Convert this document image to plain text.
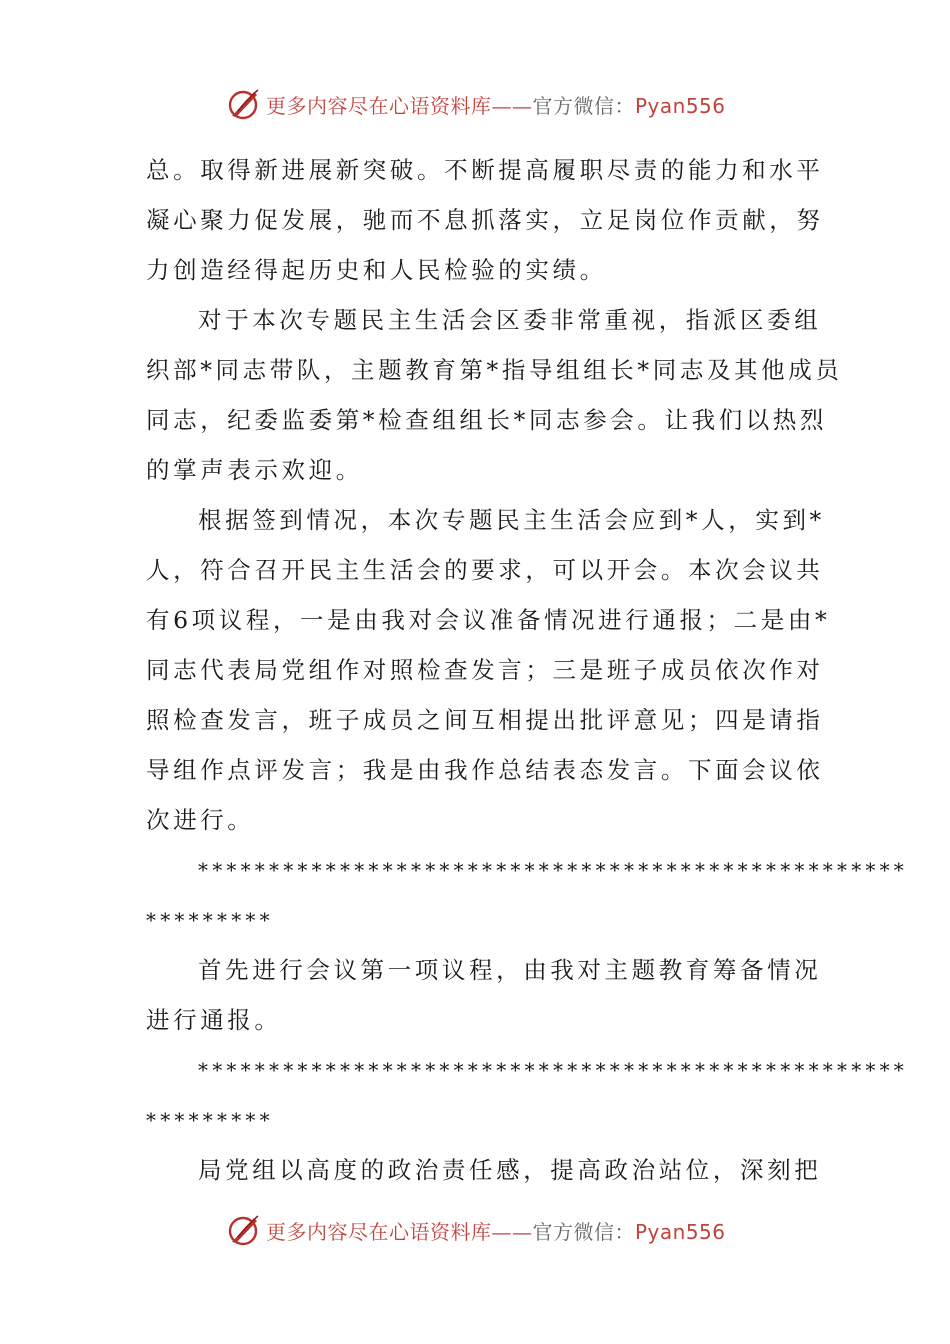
更多内容尽在心语资料库——官方微信：Pyan556
总。取得新进展新突破。不断提高履职尽责的能力和水平
凝心聚力促发展，驰而不息抓落实，立足岗位作贡献，努
力创造经得起历史和人民检验的实绩。
对于本次专题民主生活会区委非常重视，指派区委组
织部*同志带队，主题教育第*指导组组长*同志及其他成员
同志，纪委监委第*检查组组长*同志参会。让我们以热烈
的掌声表示欢迎。
根据签到情况，本次专题民主生活会应到*人，实到*
人，符合召开民主生活会的要求，可以开会。本次会议共
有6项议程，一是由我对会议准备情况进行通报；二是由*
同志代表局党组作对照检查发言；三是班子成员依次作对
照检查发言，班子成员之间互相提出批评意见；四是请指
导组作点评发言；我是由我作总结表态发言。下面会议依
次进行。
**************************************************
*********
首先进行会议第一项议程，由我对主题教育筹备情况
进行通报。
**************************************************
*********
局党组以高度的政治责任感，提高政治站位，深刻把
更多内容尽在心语资料库——官方微信：Pyan556
